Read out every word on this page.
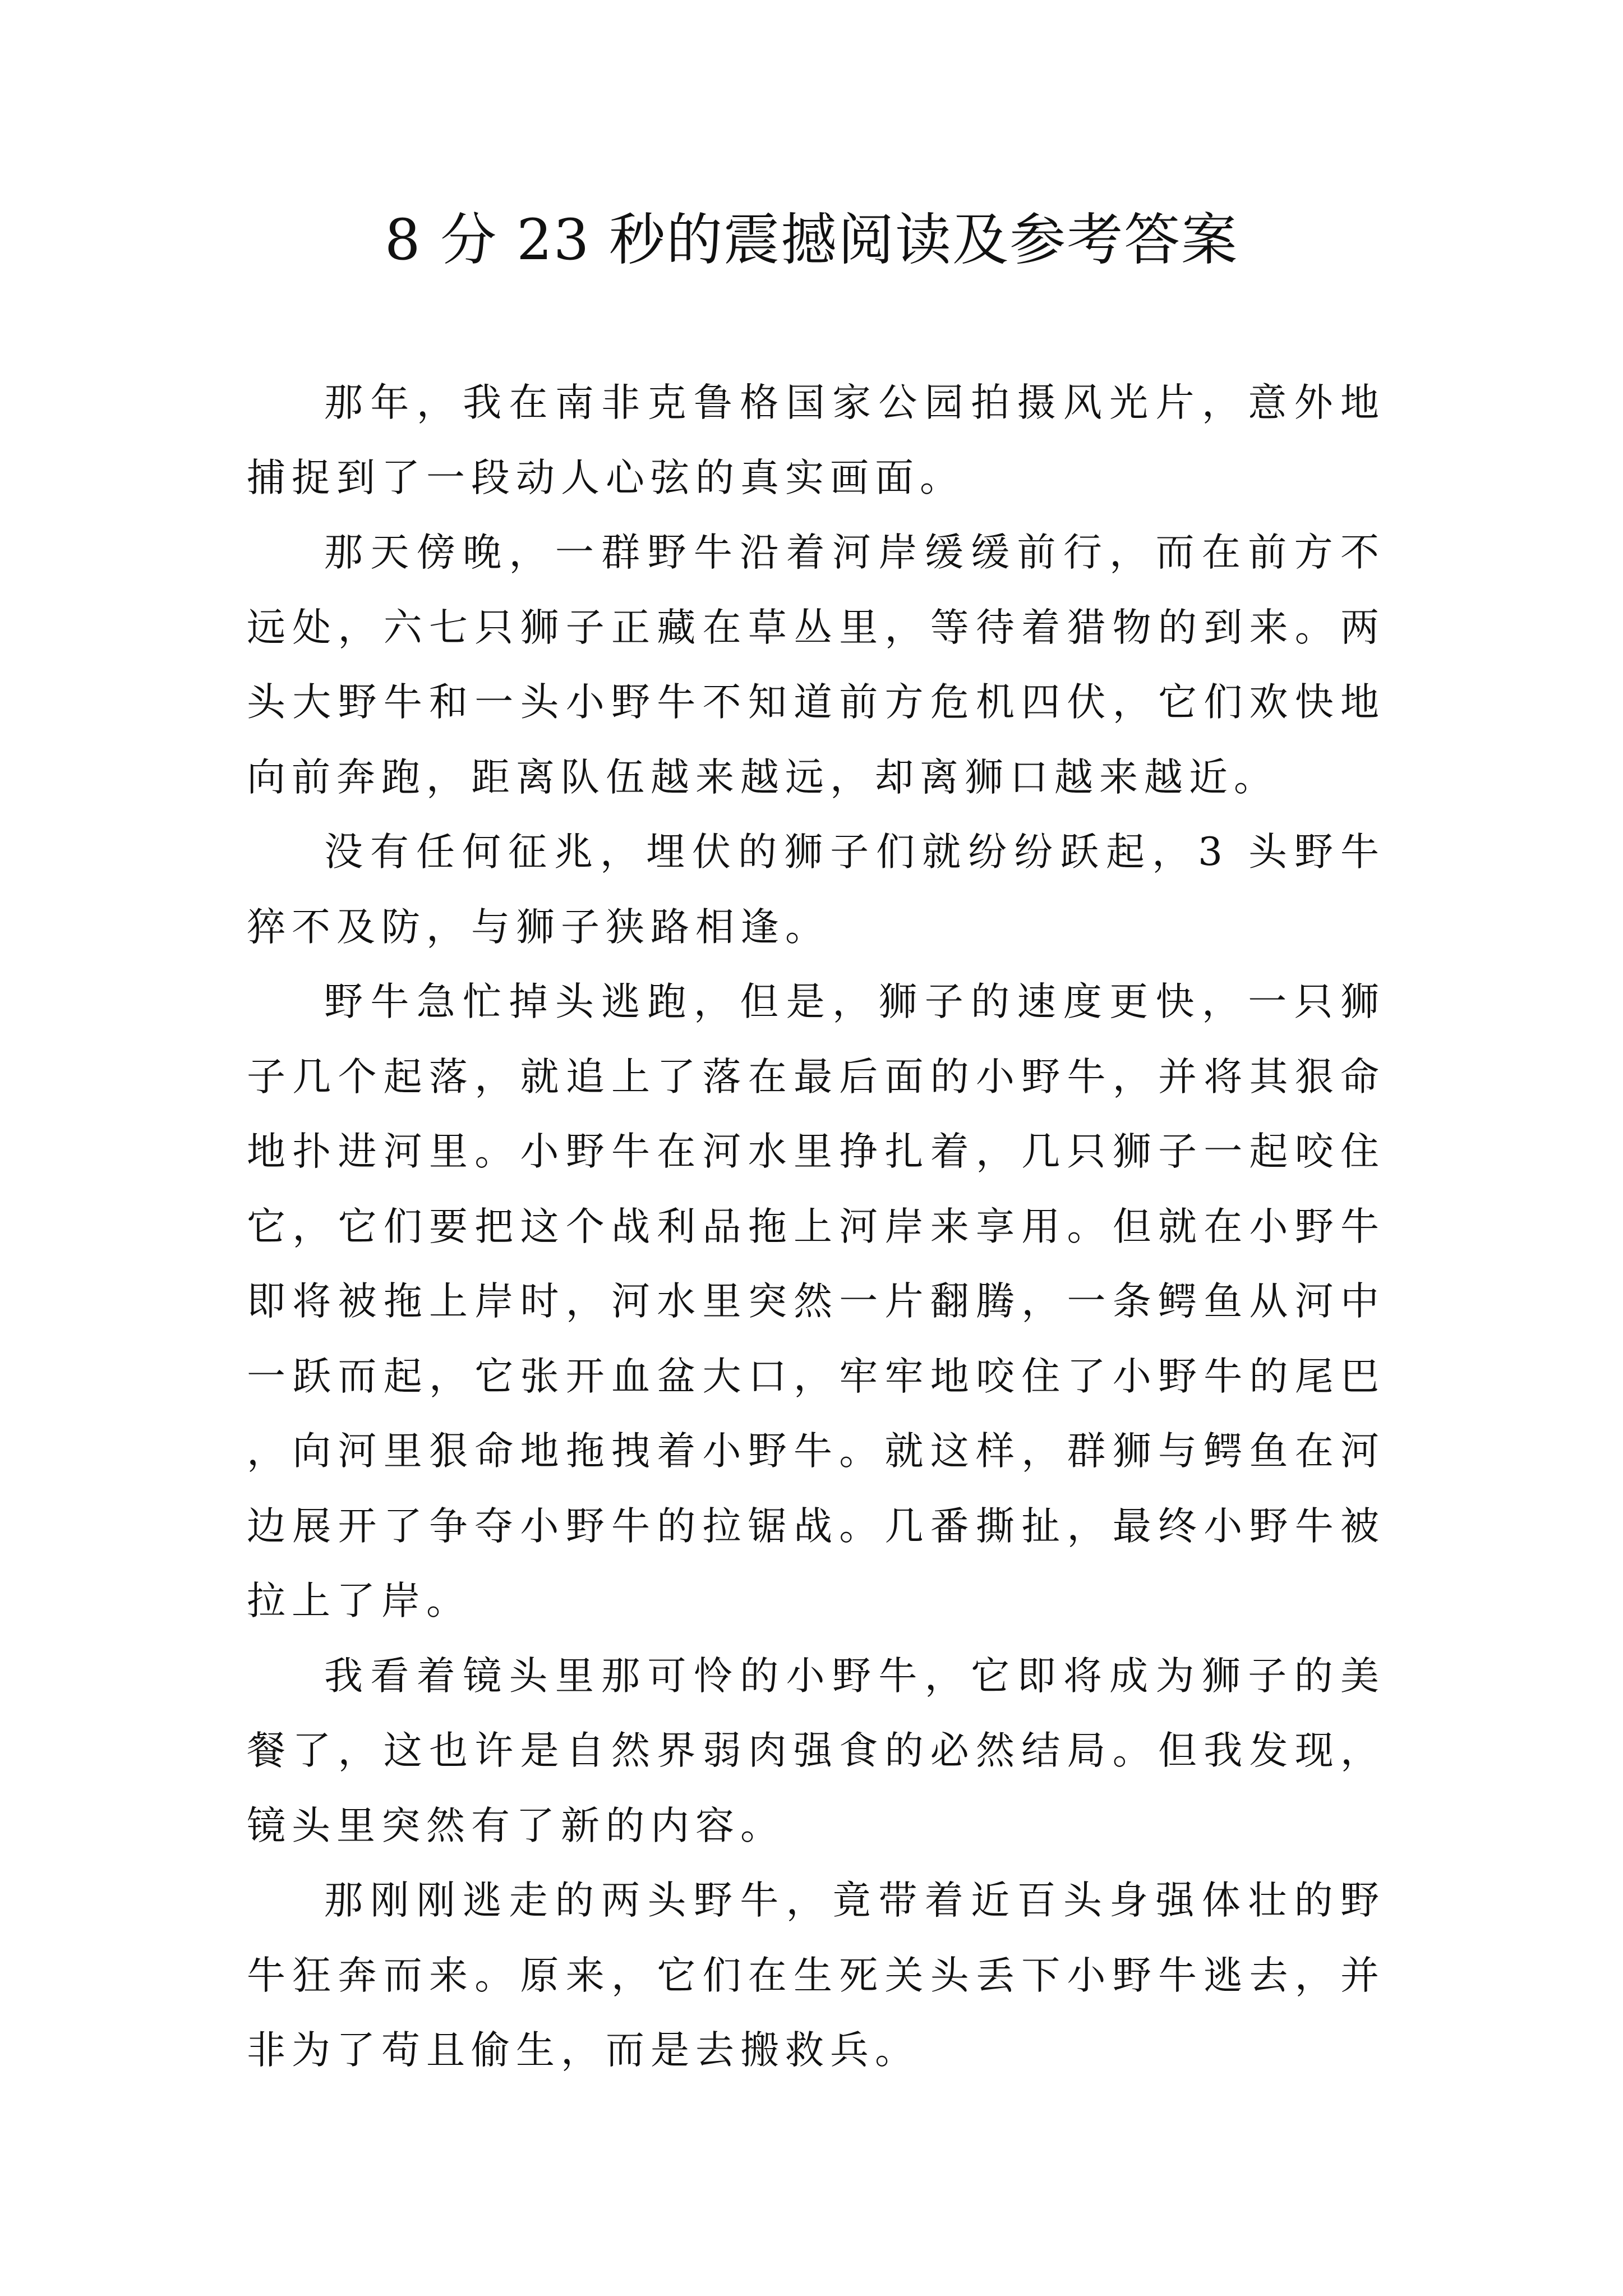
8 分 23 秒的震撼阅读及参考答案

那年，我在南非克鲁格国家公园拍摄风光片，意外地捕捉到了一段动人心弦的真实画面。

那天傍晚，一群野牛沿着河岸缓缓前行，而在前方不远处，六七只狮子正藏在草丛里，等待着猎物的到来。两头大野牛和一头小野牛不知道前方危机四伏，它们欢快地向前奔跑，距离队伍越来越远，却离狮口越来越近。

没有任何征兆，埋伏的狮子们就纷纷跃起，3 头野牛猝不及防，与狮子狭路相逢。

野牛急忙掉头逃跑，但是，狮子的速度更快，一只狮子几个起落，就追上了落在最后面的小野牛，并将其狠命地扑进河里。小野牛在河水里挣扎着，几只狮子一起咬住它，它们要把这个战利品拖上河岸来享用。但就在小野牛即将被拖上岸时，河水里突然一片翻腾，一条鳄鱼从河中一跃而起，它张开血盆大口，牢牢地咬住了小野牛的尾巴，向河里狠命地拖拽着小野牛。就这样，群狮与鳄鱼在河边展开了争夺小野牛的拉锯战。几番撕扯，最终小野牛被拉上了岸。

我看着镜头里那可怜的小野牛，它即将成为狮子的美餐了，这也许是自然界弱肉强食的必然结局。但我发现，镜头里突然有了新的内容。

那刚刚逃走的两头野牛，竟带着近百头身强体壮的野牛狂奔而来。原来，它们在生死关头丢下小野牛逃去，并非为了苟且偷生，而是去搬救兵。
